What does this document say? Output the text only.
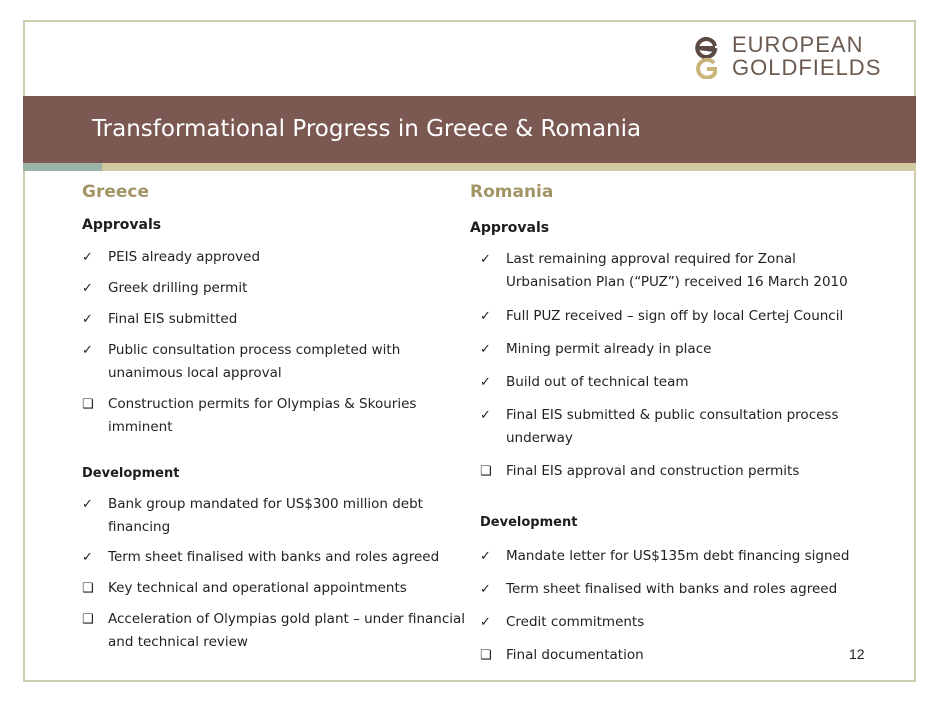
EUROPEAN
GOLDFIELDS
Transformational Progress in Greece & Romania
Greece
Approvals
✓	PEIS already approved
✓	Greek drilling permit
✓	Final EIS submitted
✓	Public consultation process completed with
unanimous local approval
❑	Construction permits for Olympias & Skouries
imminent
Development
✓	Bank group mandated for US$300 million debt
financing
✓	Term sheet finalised with banks and roles agreed
❑	Key technical and operational appointments
❑	Acceleration of Olympias gold plant – under financial
and technical review
Romania
Approvals
✓	Last remaining approval required for Zonal
Urbanisation Plan (“PUZ”) received 16 March 2010
✓	Full PUZ received – sign off by local Certej Council
✓	Mining permit already in place
✓	Build out of technical team
✓	Final EIS submitted & public consultation process
underway
❑	Final EIS approval and construction permits
Development
✓	Mandate letter for US$135m debt financing signed
✓	Term sheet finalised with banks and roles agreed
✓	Credit commitments
❑	Final documentation	12
